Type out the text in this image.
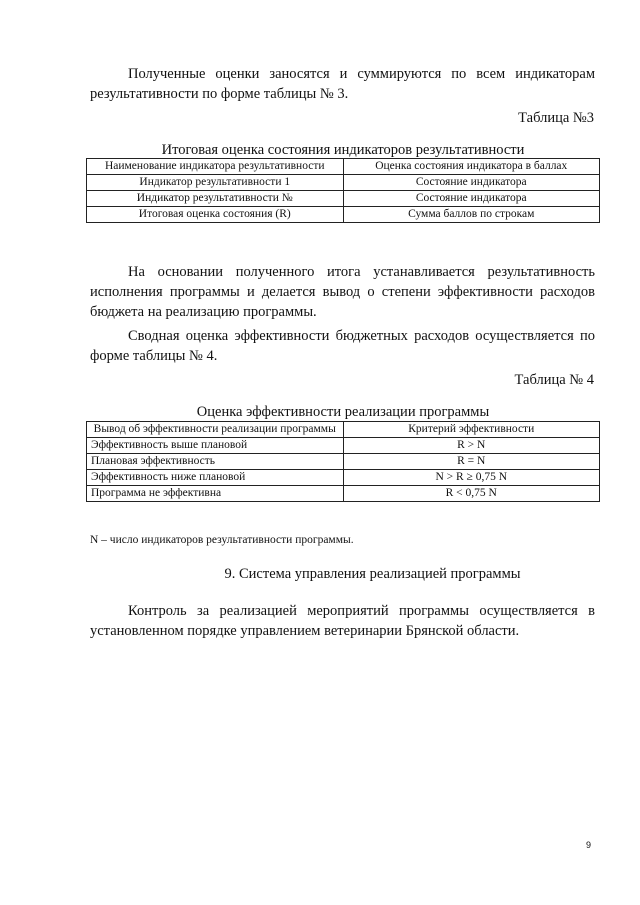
Полученные оценки заносятся и суммируются по всем индикаторам результативности по форме таблицы № 3.

Таблица №3

Итоговая оценка состояния индикаторов результативности

Наименование индикатора результативности	Оценка состояния индикатора в баллах
Индикатор результативности 1	Состояние индикатора
Индикатор результативности №	Состояние индикатора
Итоговая оценка состояния (R)	Сумма баллов по строкам

На основании полученного итога устанавливается результативность исполнения программы и делается вывод о степени эффективности расходов бюджета на реализацию программы.

Сводная оценка эффективности бюджетных расходов осуществляется по форме таблицы № 4.

Таблица № 4

Оценка эффективности реализации программы

Вывод об эффективности реализации программы	Критерий эффективности
Эффективность выше плановой	R > N
Плановая эффективность	R = N
Эффективность ниже плановой	N > R ≥ 0,75 N
Программа не эффективна	R < 0,75 N

N – число индикаторов результативности программы.

9. Система управления реализацией программы

Контроль за реализацией мероприятий программы осуществляется в установленном порядке управлением ветеринарии Брянской области.

9
